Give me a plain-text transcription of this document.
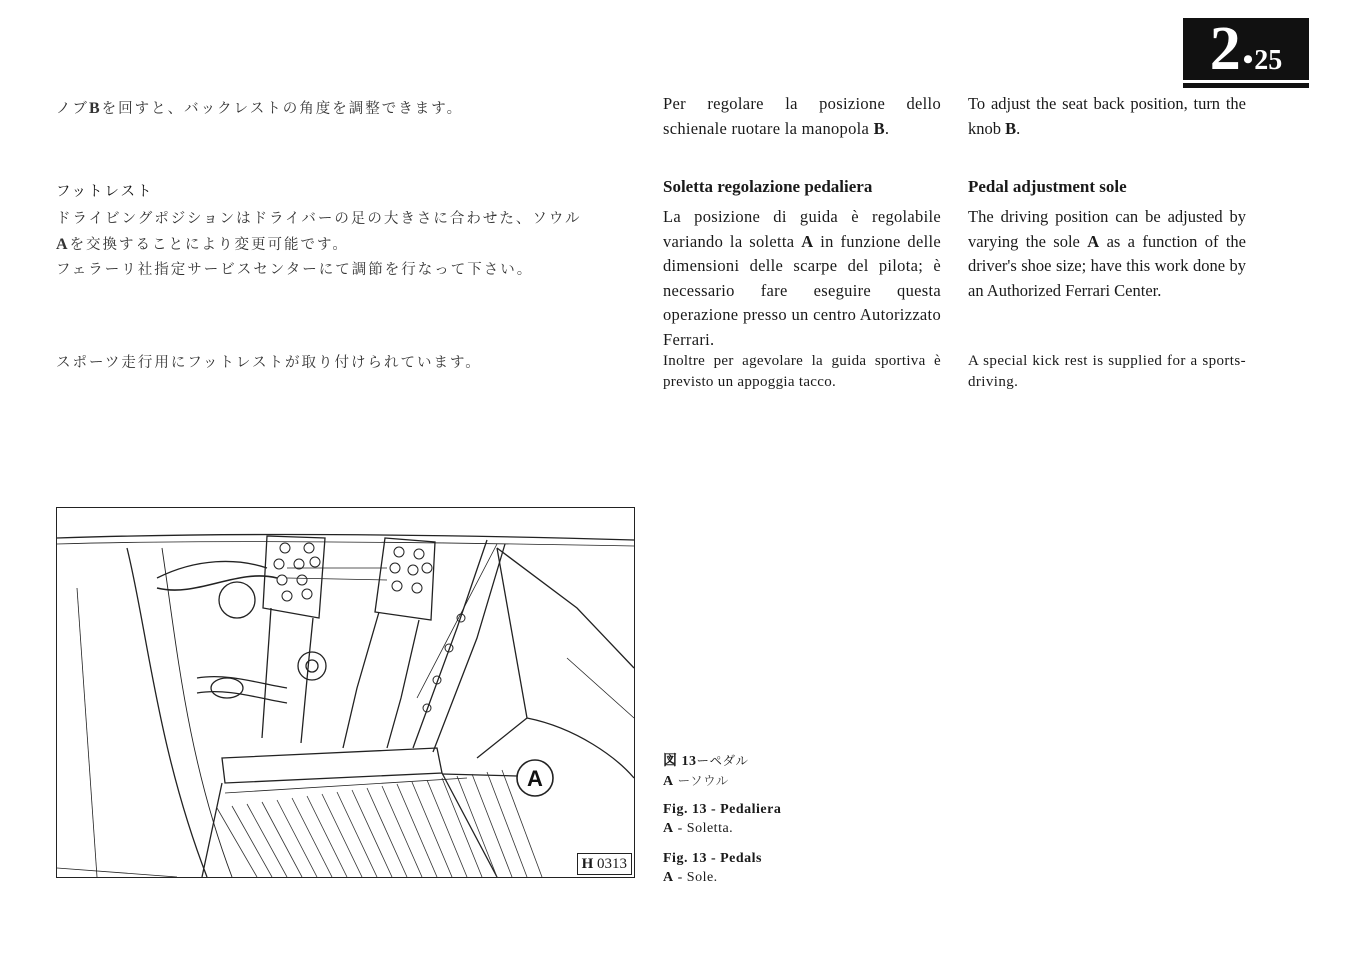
2 • 25
ノブBを回すと、バックレストの角度を調整できます。
フットレスト
ドライビングポジションはドライバーの足の大きさに合わせた、ソウル
Aを交換することにより変更可能です。
フェラーリ社指定サービスセンターにて調節を行なって下さい。
スポーツ走行用にフットレストが取り付けられています。
Per regolare la posizione dello schienale ruotare la manopola B.
Soletta regolazione pedaliera
La posizione di guida è regolabile variando la soletta A in funzione delle dimensioni delle scarpe del pilota; è necessario fare eseguire questa operazione presso un centro Autorizzato Ferrari.
Inoltre per agevolare la guida sportiva è previsto un appoggia tacco.
To adjust the seat back position, turn the knob B.
Pedal adjustment sole
The driving position can be adjusted by varying the sole A as a function of the driver's shoe size; have this work done by an Authorized Ferrari Center.
A special kick rest is supplied for a sports-driving.
A
H 0313
図 13ーペダル
A ーソウル
Fig. 13 - Pedaliera
A - Soletta.
Fig. 13 - Pedals
A - Sole.
